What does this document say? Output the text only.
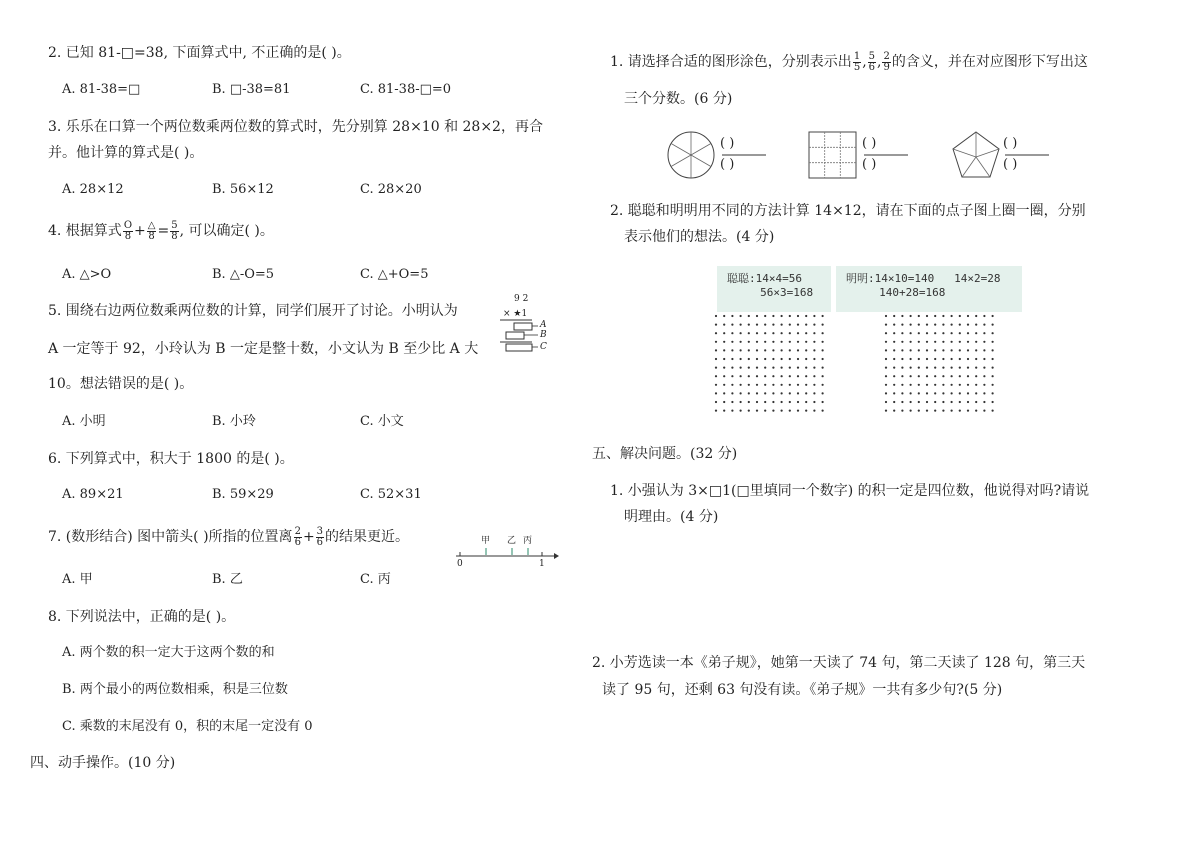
2. 已知 81-□=38, 下面算式中, 不正确的是( )。
A. 81-38=□	B. □-38=81	C. 81-38-□=0
3. 乐乐在口算一个两位数乘两位数的算式时，先分别算 28×10 和 28×2，再合
并。他计算的算式是( )。
A. 28×12	B. 56×12	C. 28×20
4. 根据算式 $\frac{O}{8} + \frac{\triangle}{8} = \frac{5}{8}$ , 可以确定( )。
A. △>O	B. △-O=5	C. △+O=5
5. 围绕右边两位数乘两位数的计算，同学们展开了讨论。小明认为
A 一定等于 92，小玲认为 B 一定是整十数，小文认为 B 至少比 A 大
10。想法错误的是( )。
9 2
× ★1
A
B
C
A. 小明	B. 小玲	C. 小文
6. 下列算式中，积大于 1800 的是( )。
A. 89×21	B. 59×29	C. 52×31
7. (数形结合) 图中箭头( )所指的位置离 $\frac{2}{6} + \frac{3}{6}$ 的结果更近。	甲 乙 丙
0	1
A. 甲	B. 乙	C. 丙
8. 下列说法中，正确的是( )。
A. 两个数的积一定大于这两个数的和
B. 两个最小的两位数相乘，积是三位数
C. 乘数的末尾没有 0，积的末尾一定没有 0
四、动手操作。(10 分)
1. 请选择合适的图形涂色，分别表示出 $\frac{1}{5}$ , $\frac{5}{6}$ , $\frac{2}{9}$ 的含义，并在对应图形下写出这
三个分数。(6 分)
( )
( )
( )
( )
( )
( )
2. 聪聪和明明用不同的方法计算 14×12，请在下面的点子图上圈一圈，分别
表示他们的想法。(4 分)
聪聪:14×4=56
56×3=168
明明:14×10=140   14×2=28
140+28=168
五、解决问题。(32 分)
1. 小强认为 3×□1(□里填同一个数字) 的积一定是四位数，他说得对吗?请说
明理由。(4 分)
2. 小芳选读一本《弟子规》，她第一天读了 74 句，第二天读了 128 句，第三天
读了 95 句，还剩 63 句没有读。《弟子规》一共有多少句?(5 分)
